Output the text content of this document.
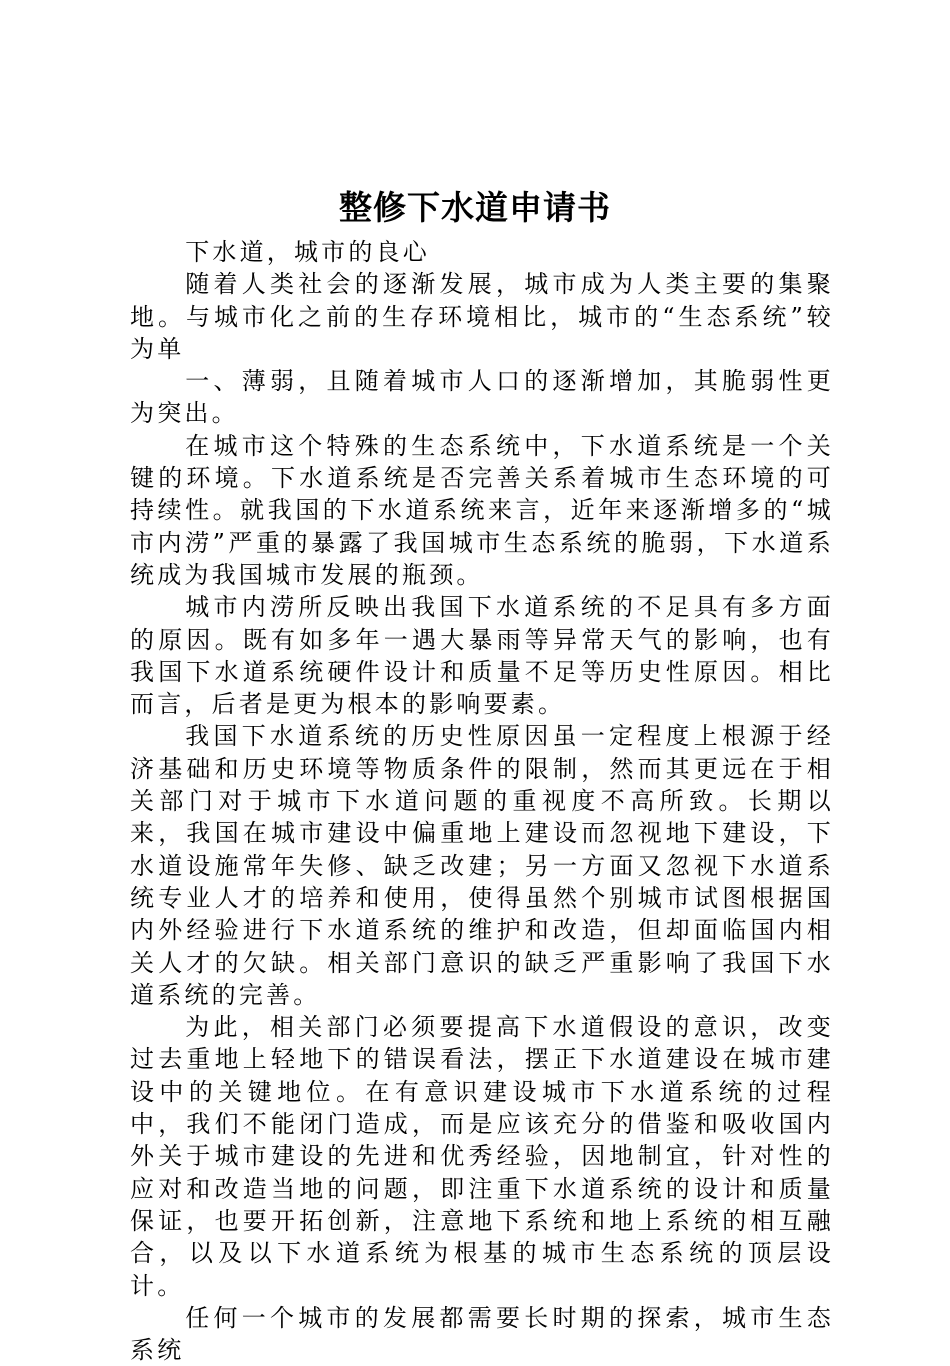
整修下水道申请书

下水道，城市的良心

随着人类社会的逐渐发展，城市成为人类主要的集聚地。与城市化之前的生存环境相比，城市的“生态系统”较为单

一、薄弱，且随着城市人口的逐渐增加，其脆弱性更为突出。

在城市这个特殊的生态系统中，下水道系统是一个关键的环境。下水道系统是否完善关系着城市生态环境的可持续性。就我国的下水道系统来言，近年来逐渐增多的“城市内涝”严重的暴露了我国城市生态系统的脆弱，下水道系统成为我国城市发展的瓶颈。

城市内涝所反映出我国下水道系统的不足具有多方面的原因。既有如多年一遇大暴雨等异常天气的影响，也有我国下水道系统硬件设计和质量不足等历史性原因。相比而言，后者是更为根本的影响要素。

我国下水道系统的历史性原因虽一定程度上根源于经济基础和历史环境等物质条件的限制，然而其更远在于相关部门对于城市下水道问题的重视度不高所致。长期以来，我国在城市建设中偏重地上建设而忽视地下建设，下水道设施常年失修、缺乏改建；另一方面又忽视下水道系统专业人才的培养和使用，使得虽然个别城市试图根据国内外经验进行下水道系统的维护和改造，但却面临国内相关人才的欠缺。相关部门意识的缺乏严重影响了我国下水道系统的完善。

为此，相关部门必须要提高下水道假设的意识，改变过去重地上轻地下的错误看法，摆正下水道建设在城市建设中的关键地位。在有意识建设城市下水道系统的过程中，我们不能闭门造成，而是应该充分的借鉴和吸收国内外关于城市建设的先进和优秀经验，因地制宜，针对性的应对和改造当地的问题，即注重下水道系统的设计和质量保证，也要开拓创新，注意地下系统和地上系统的相互融合，以及以下水道系统为根基的城市生态系统的顶层设计。

任何一个城市的发展都需要长时期的探索，城市生态系统
